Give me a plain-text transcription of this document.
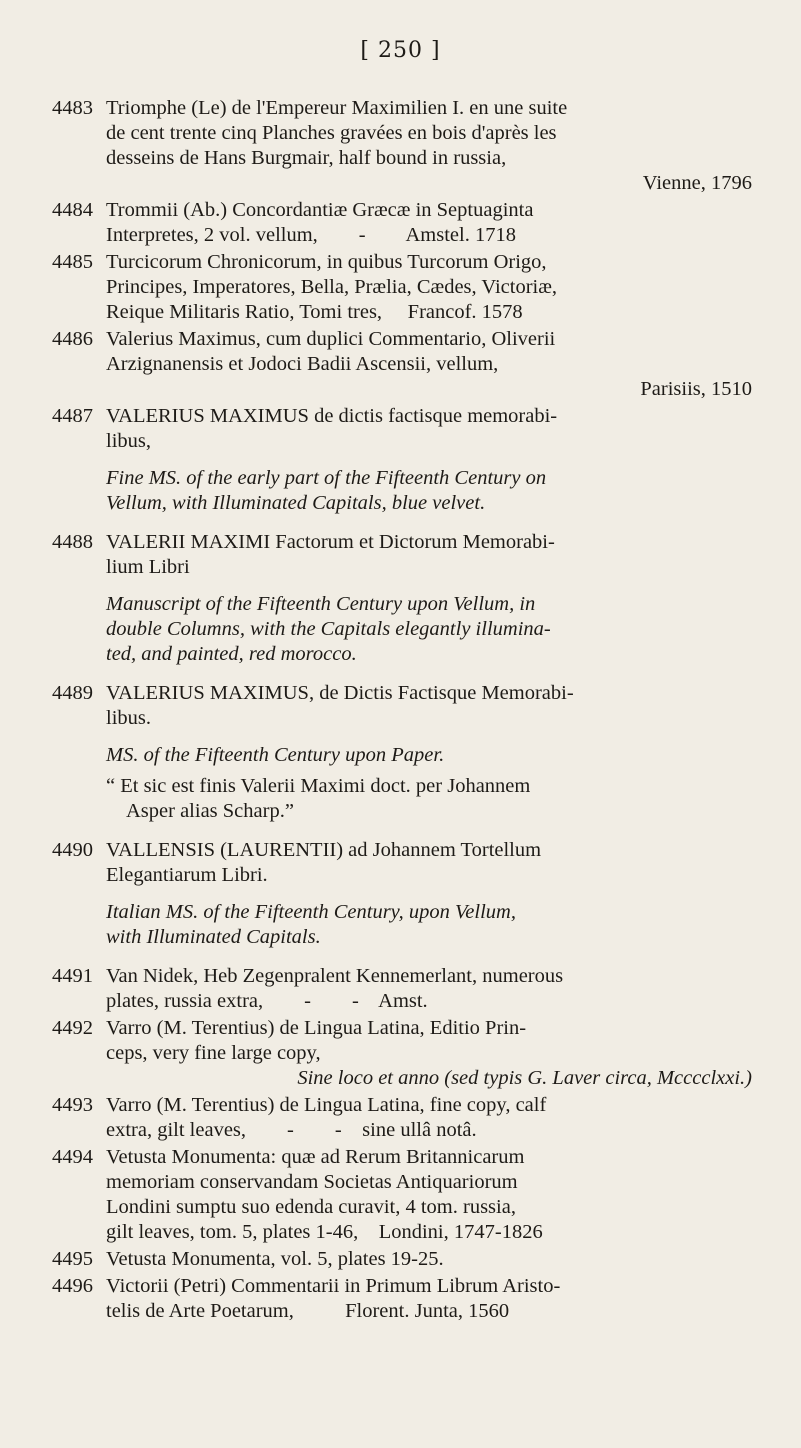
[ 250 ]
4483 Triomphe (Le) de l'Empereur Maximilien I. en une suite
de cent trente cinq Planches gravées en bois d'après les
desseins de Hans Burgmair, half bound in russia,
Vienne, 1796
4484 Trommii (Ab.) Concordantiæ Græcæ in Septuaginta
Interpretes, 2 vol. vellum,        -        Amstel. 1718
4485 Turcicorum Chronicorum, in quibus Turcorum Origo,
Principes, Imperatores, Bella, Prælia, Cædes, Victoriæ,
Reique Militaris Ratio, Tomi tres,     Francof. 1578
4486 Valerius Maximus, cum duplici Commentario, Oliverii
Arzignanensis et Jodoci Badii Ascensii, vellum,
Parisiis, 1510
4487 VALERIUS MAXIMUS de dictis factisque memorabi-
libus,
Fine MS. of the early part of the Fifteenth Century on
Vellum, with Illuminated Capitals, blue velvet.
4488 VALERII MAXIMI Factorum et Dictorum Memorabi-
lium Libri
Manuscript of the Fifteenth Century upon Vellum, in
double Columns, with the Capitals elegantly illumina-
ted, and painted, red morocco.
4489 VALERIUS MAXIMUS, de Dictis Factisque Memorabi-
libus.
MS. of the Fifteenth Century upon Paper.
“ Et sic est finis Valerii Maximi doct. per Johannem
Asper alias Scharp.”
4490 VALLENSIS (LAURENTII) ad Johannem Tortellum
Elegantiarum Libri.
Italian MS. of the Fifteenth Century, upon Vellum,
with Illuminated Capitals.
4491 Van Nidek, Heb Zegenpralent Kennemerlant, numerous
plates, russia extra,        -        -    Amst.
4492 Varro (M. Terentius) de Lingua Latina, Editio Prin-
ceps, very fine large copy,
Sine loco et anno (sed typis G. Laver circa, Mcccclxxi.)
4493 Varro (M. Terentius) de Lingua Latina, fine copy, calf
extra, gilt leaves,        -        -    sine ullâ notâ.
4494 Vetusta Monumenta: quæ ad Rerum Britannicarum
memoriam conservandam Societas Antiquariorum
Londini sumptu suo edenda curavit, 4 tom. russia,
gilt leaves, tom. 5, plates 1-46,    Londini, 1747-1826
4495 Vetusta Monumenta, vol. 5, plates 19-25.
4496 Victorii (Petri) Commentarii in Primum Librum Aristo-
telis de Arte Poetarum,          Florent. Junta, 1560
